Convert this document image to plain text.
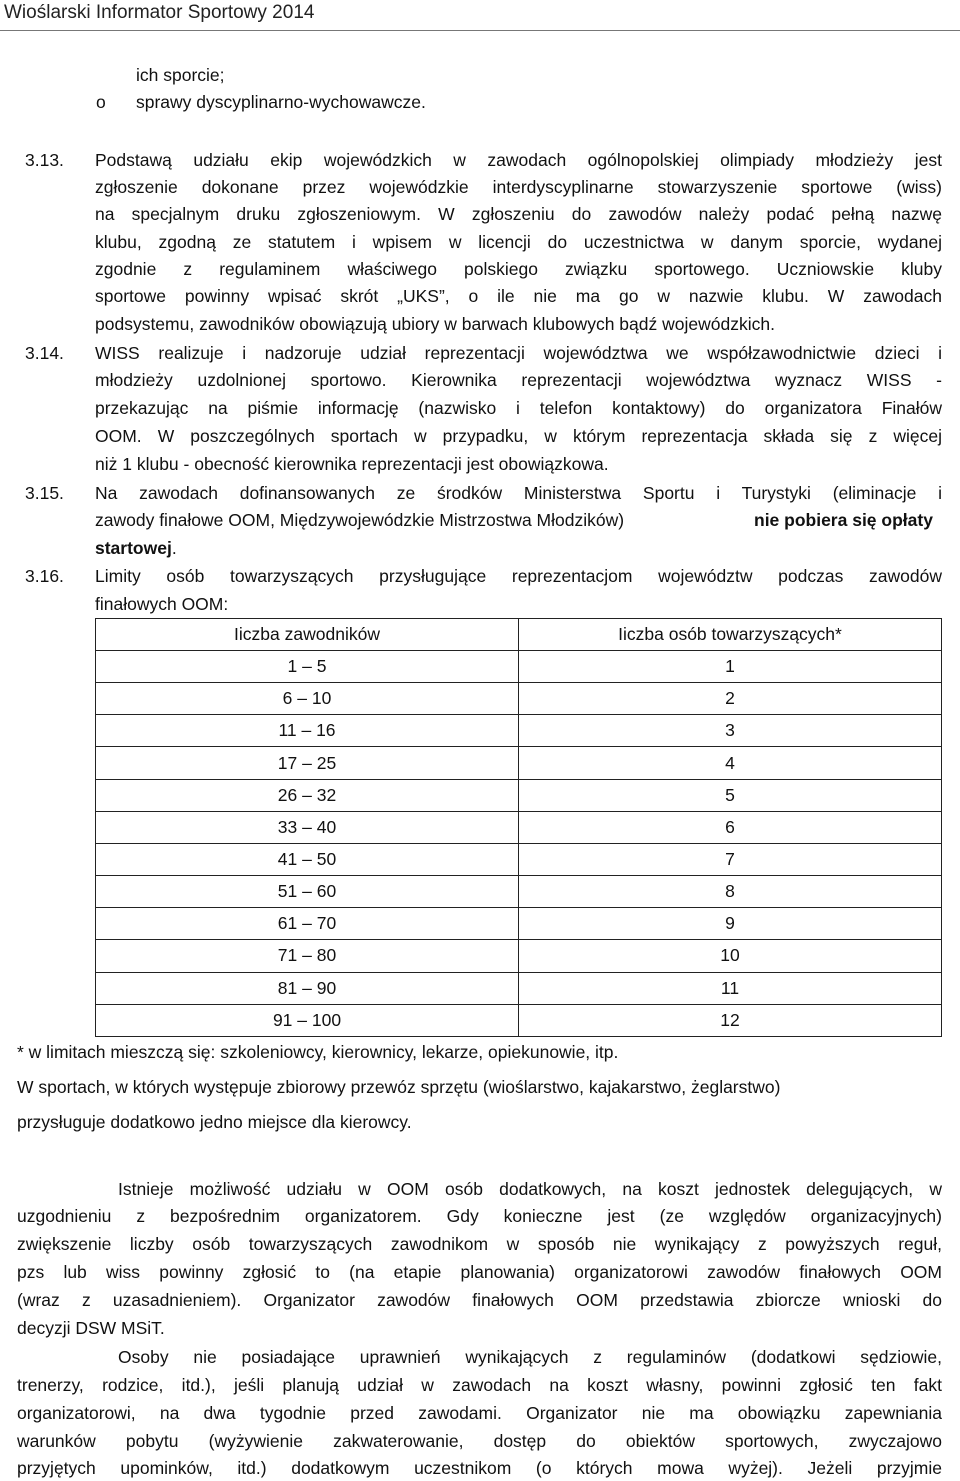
Wioślarski Informator Sportowy 2014
ich sporcie;
o sprawy dyscyplinarno-wychowawcze.
3.13. Podstawą udziału ekip wojewódzkich w zawodach ogólnopolskiej olimpiady młodzieży jest
zgłoszenie dokonane przez wojewódzkie interdyscyplinarne stowarzyszenie sportowe (wiss)
na specjalnym druku zgłoszeniowym. W zgłoszeniu do zawodów należy podać pełną nazwę
klubu, zgodną ze statutem i wpisem w licencji do uczestnictwa w danym sporcie, wydanej
zgodnie z regulaminem właściwego polskiego związku sportowego. Uczniowskie kluby
sportowe powinny wpisać skrót „UKS”, o ile nie ma go w nazwie klubu. W zawodach
podsystemu, zawodników obowiązują ubiory w barwach klubowych bądź wojewódzkich.
3.14. WISS realizuje i nadzoruje udział reprezentacji województwa we współzawodnictwie dzieci i
młodzieży uzdolnionej sportowo. Kierownika reprezentacji województwa wyznacz WISS -
przekazując na piśmie informację (nazwisko i telefon kontaktowy) do organizatora Finałów
OOM. W poszczególnych sportach w przypadku, w którym reprezentacja składa się z więcej
niż 1 klubu - obecność kierownika reprezentacji jest obowiązkowa.
3.15. Na zawodach dofinansowanych ze środków Ministerstwa Sportu i Turystyki (eliminacje i
zawody finałowe OOM, Międzywojewódzkie Mistrzostwa Młodzików)	nie pobiera się opłaty
startowej.
3.16. Limity osób towarzyszących przysługujące reprezentacjom województw podczas zawodów
finałowych OOM:
Iiczba zawodników	Iiczba osób towarzyszących*
1 – 5	1
6 – 10	2
11 – 16	3
17 – 25	4
26 – 32	5
33 – 40	6
41 – 50	7
51 – 60	8
61 – 70	9
71 – 80	10
81 – 90	11
91 – 100	12
* w limitach mieszczą się: szkoleniowcy, kierownicy, lekarze, opiekunowie, itp.
W sportach, w których występuje zbiorowy przewóz sprzętu (wioślarstwo, kajakarstwo, żeglarstwo)
przysługuje dodatkowo jedno miejsce dla kierowcy.
Istnieje możliwość udziału w OOM osób dodatkowych, na koszt jednostek delegujących, w
uzgodnieniu z bezpośrednim organizatorem. Gdy konieczne jest (ze względów organizacyjnych)
zwiększenie liczby osób towarzyszących zawodnikom w sposób nie wynikający z powyższych reguł,
pzs lub wiss powinny zgłosić to (na etapie planowania) organizatorowi zawodów finałowych OOM
(wraz z uzasadnieniem). Organizator zawodów finałowych OOM przedstawia zbiorcze wnioski do
decyzji DSW MSiT.
Osoby nie posiadające uprawnień wynikających z regulaminów (dodatkowi sędziowie,
trenerzy, rodzice, itd.), jeśli planują udział w zawodach na koszt własny, powinni zgłosić ten fakt
organizatorowi, na dwa tygodnie przed zawodami. Organizator nie ma obowiązku zapewniania
warunków pobytu (wyżywienie zakwaterowanie, dostęp do obiektów sportowych, zwyczajowo
przyjętych upominków, itd.) dodatkowym uczestnikom (o których mowa wyżej). Jeżeli przyjmie
